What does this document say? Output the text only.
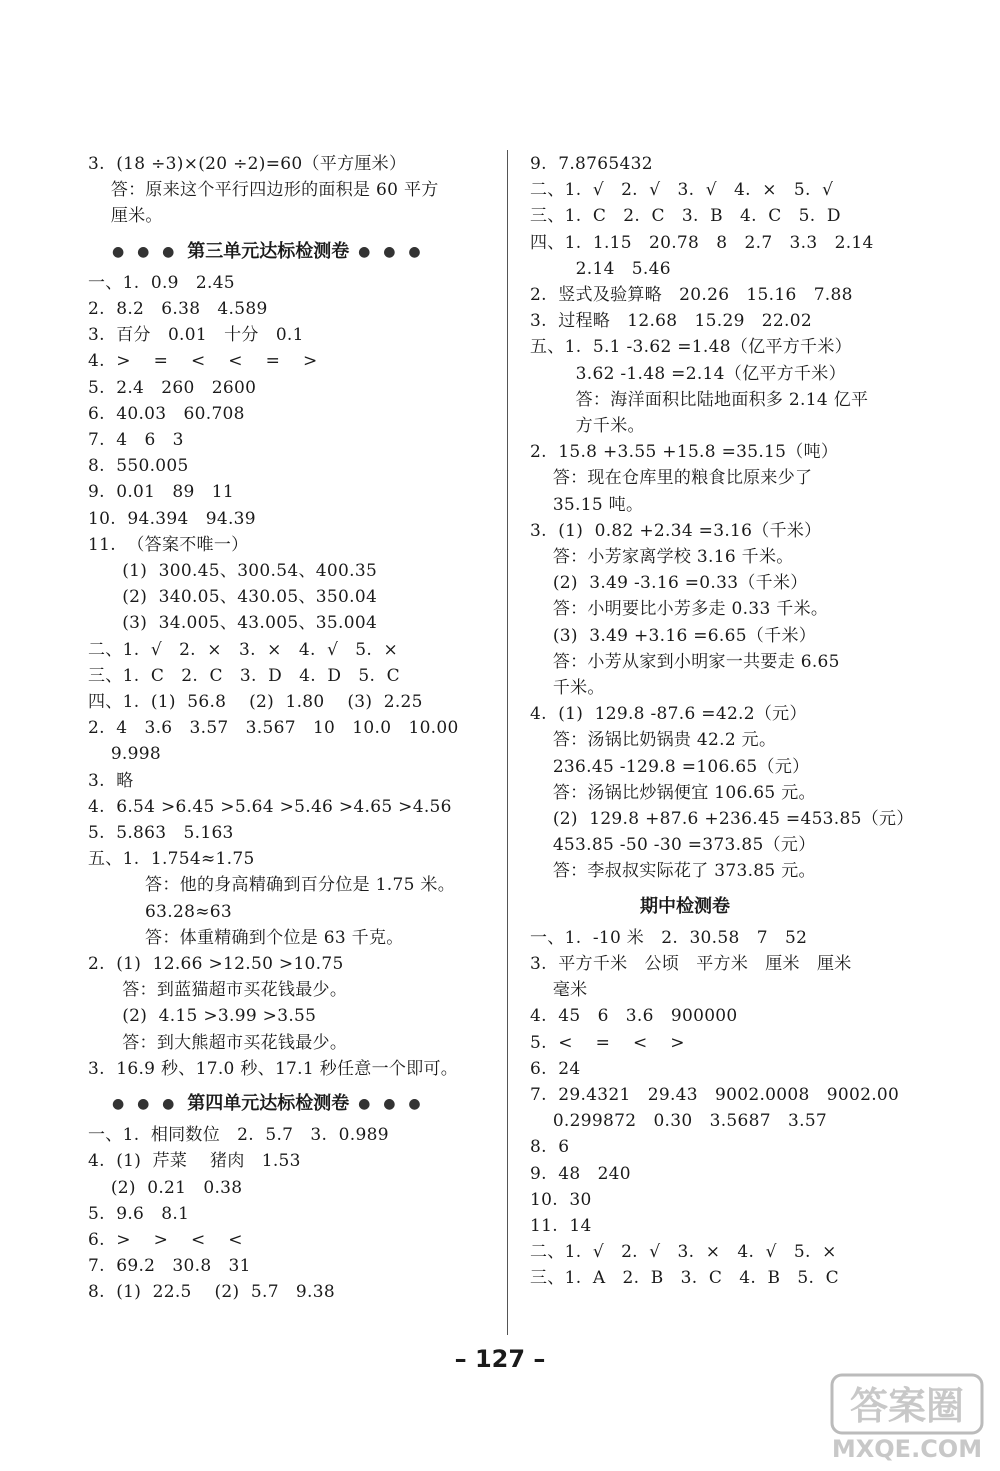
3.  (18 ÷3)×(20 ÷2)=60（平方厘米）
答：原来这个平行四边形的面积是 60 平方
厘米。
● ● ● 第三单元达标检测卷 ● ● ●
一、1.  0.9   2.45
2.  8.2   6.38   4.589
3.  百分   0.01   十分   0.1
4.  >    =    <    <    =    >
5.  2.4   260   2600
6.  40.03   60.708
7.  4   6   3
8.  550.005
9.  0.01   89   11
10.  94.394   94.39
11.  （答案不唯一）
(1)  300.45、300.54、400.35
(2)  340.05、430.05、350.04
(3)  34.005、43.005、35.004
二、1.  √   2.  ×   3.  ×   4.  √   5.  ×
三、1.  C   2.  C   3.  D   4.  D   5.  C
四、1.  (1)  56.8    (2)  1.80    (3)  2.25
2.  4   3.6   3.57   3.567   10   10.0   10.00
9.998
3.  略
4.  6.54 >6.45 >5.64 >5.46 >4.65 >4.56
5.  5.863   5.163
五、1.  1.754≈1.75
答：他的身高精确到百分位是 1.75 米。
63.28≈63
答：体重精确到个位是 63 千克。
2.  (1)  12.66 >12.50 >10.75
答：到蓝猫超市买花钱最少。
(2)  4.15 >3.99 >3.55
答：到大熊超市买花钱最少。
3.  16.9 秒、17.0 秒、17.1 秒任意一个即可。
● ● ● 第四单元达标检测卷 ● ● ●
一、1.  相同数位   2.  5.7   3.  0.989
4.  (1)  芹菜    猪肉   1.53
(2)  0.21   0.38
5.  9.6   8.1
6.  >    >    <    <
7.  69.2   30.8   31
8.  (1)  22.5    (2)  5.7   9.38
9.  7.8765432
二、1.  √   2.  √   3.  √   4.  ×   5.  √
三、1.  C   2.  C   3.  B   4.  C   5.  D
四、1.  1.15   20.78   8   2.7   3.3   2.14
2.14   5.46
2.  竖式及验算略   20.26   15.16   7.88
3.  过程略   12.68   15.29   22.02
五、1.  5.1 -3.62 =1.48（亿平方千米）
3.62 -1.48 =2.14（亿平方千米）
答：海洋面积比陆地面积多 2.14 亿平
方千米。
2.  15.8 +3.55 +15.8 =35.15（吨）
答：现在仓库里的粮食比原来少了
35.15 吨。
3.  (1)  0.82 +2.34 =3.16（千米）
答：小芳家离学校 3.16 千米。
(2)  3.49 -3.16 =0.33（千米）
答：小明要比小芳多走 0.33 千米。
(3)  3.49 +3.16 =6.65（千米）
答：小芳从家到小明家一共要走 6.65
千米。
4.  (1)  129.8 -87.6 =42.2（元）
答：汤锅比奶锅贵 42.2 元。
236.45 -129.8 =106.65（元）
答：汤锅比炒锅便宜 106.65 元。
(2)  129.8 +87.6 +236.45 =453.85（元）
453.85 -50 -30 =373.85（元）
答：李叔叔实际花了 373.85 元。
期中检测卷
一、1.  -10 米   2.  30.58   7   52
3.  平方千米   公顷   平方米   厘米   厘米
毫米
4.  45   6   3.6   900000
5.  <    =    <    >
6.  24
7.  29.4321   29.43   9002.0008   9002.00
0.299872   0.30   3.5687   3.57
8.  6
9.  48   240
10.  30
11.  14
二、1.  √   2.  √   3.  ×   4.  √   5.  ×
三、1.  A   2.  B   3.  C   4.  B   5.  C
– 127 –
答案圈
MXQE.COM
